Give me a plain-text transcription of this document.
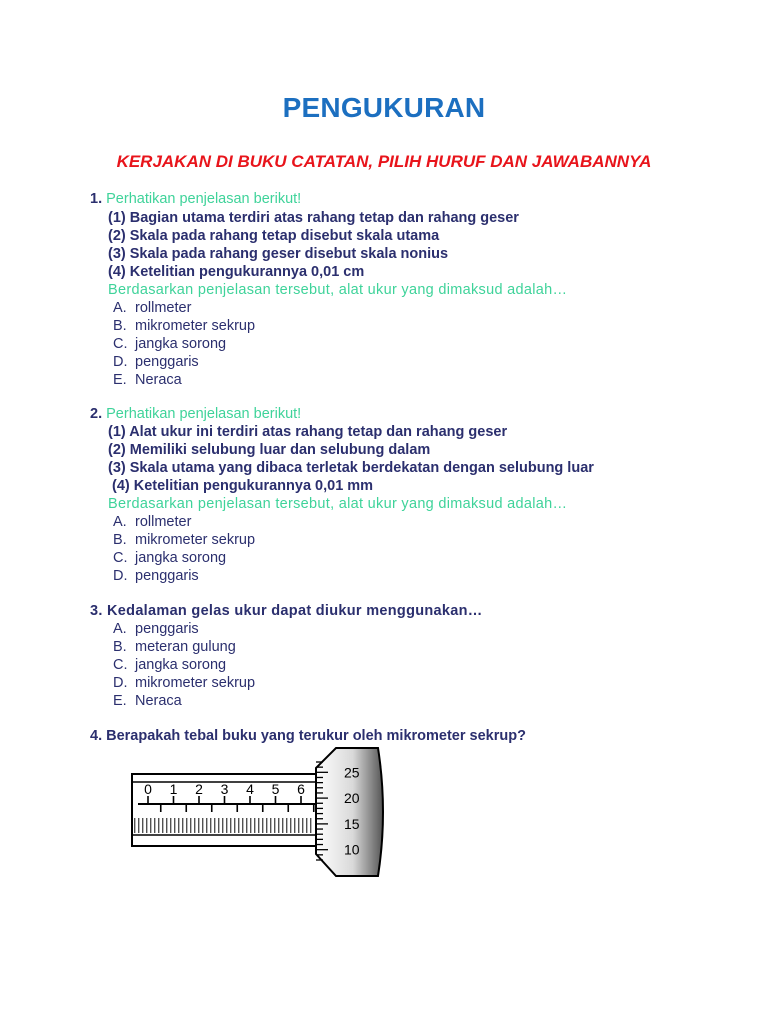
PENGUKURAN
KERJAKAN DI BUKU CATATAN, PILIH HURUF DAN JAWABANNYA
1. Perhatikan penjelasan berikut!
(1) Bagian utama terdiri atas rahang tetap dan rahang geser
(2) Skala pada rahang tetap disebut skala utama
(3) Skala pada rahang geser disebut skala nonius
(4) Ketelitian pengukurannya 0,01 cm
Berdasarkan penjelasan tersebut, alat ukur yang dimaksud adalah…
A. rollmeter
B. mikrometer sekrup
C. jangka sorong
D. penggaris
E. Neraca
2. Perhatikan penjelasan berikut!
(1) Alat ukur ini terdiri atas rahang tetap dan rahang geser
(2) Memiliki selubung luar dan selubung dalam
(3) Skala utama yang dibaca terletak berdekatan dengan selubung luar
(4) Ketelitian pengukurannya 0,01 mm
Berdasarkan penjelasan tersebut, alat ukur yang dimaksud adalah…
A. rollmeter
B. mikrometer sekrup
C. jangka sorong
D. penggaris
3. Kedalaman gelas ukur dapat diukur menggunakan…
A. penggaris
B. meteran gulung
C. jangka sorong
D. mikrometer sekrup
E. Neraca
4. Berapakah tebal buku yang terukur oleh mikrometer sekrup?
0 1 2 3 4 5 6
25
20
15
10
